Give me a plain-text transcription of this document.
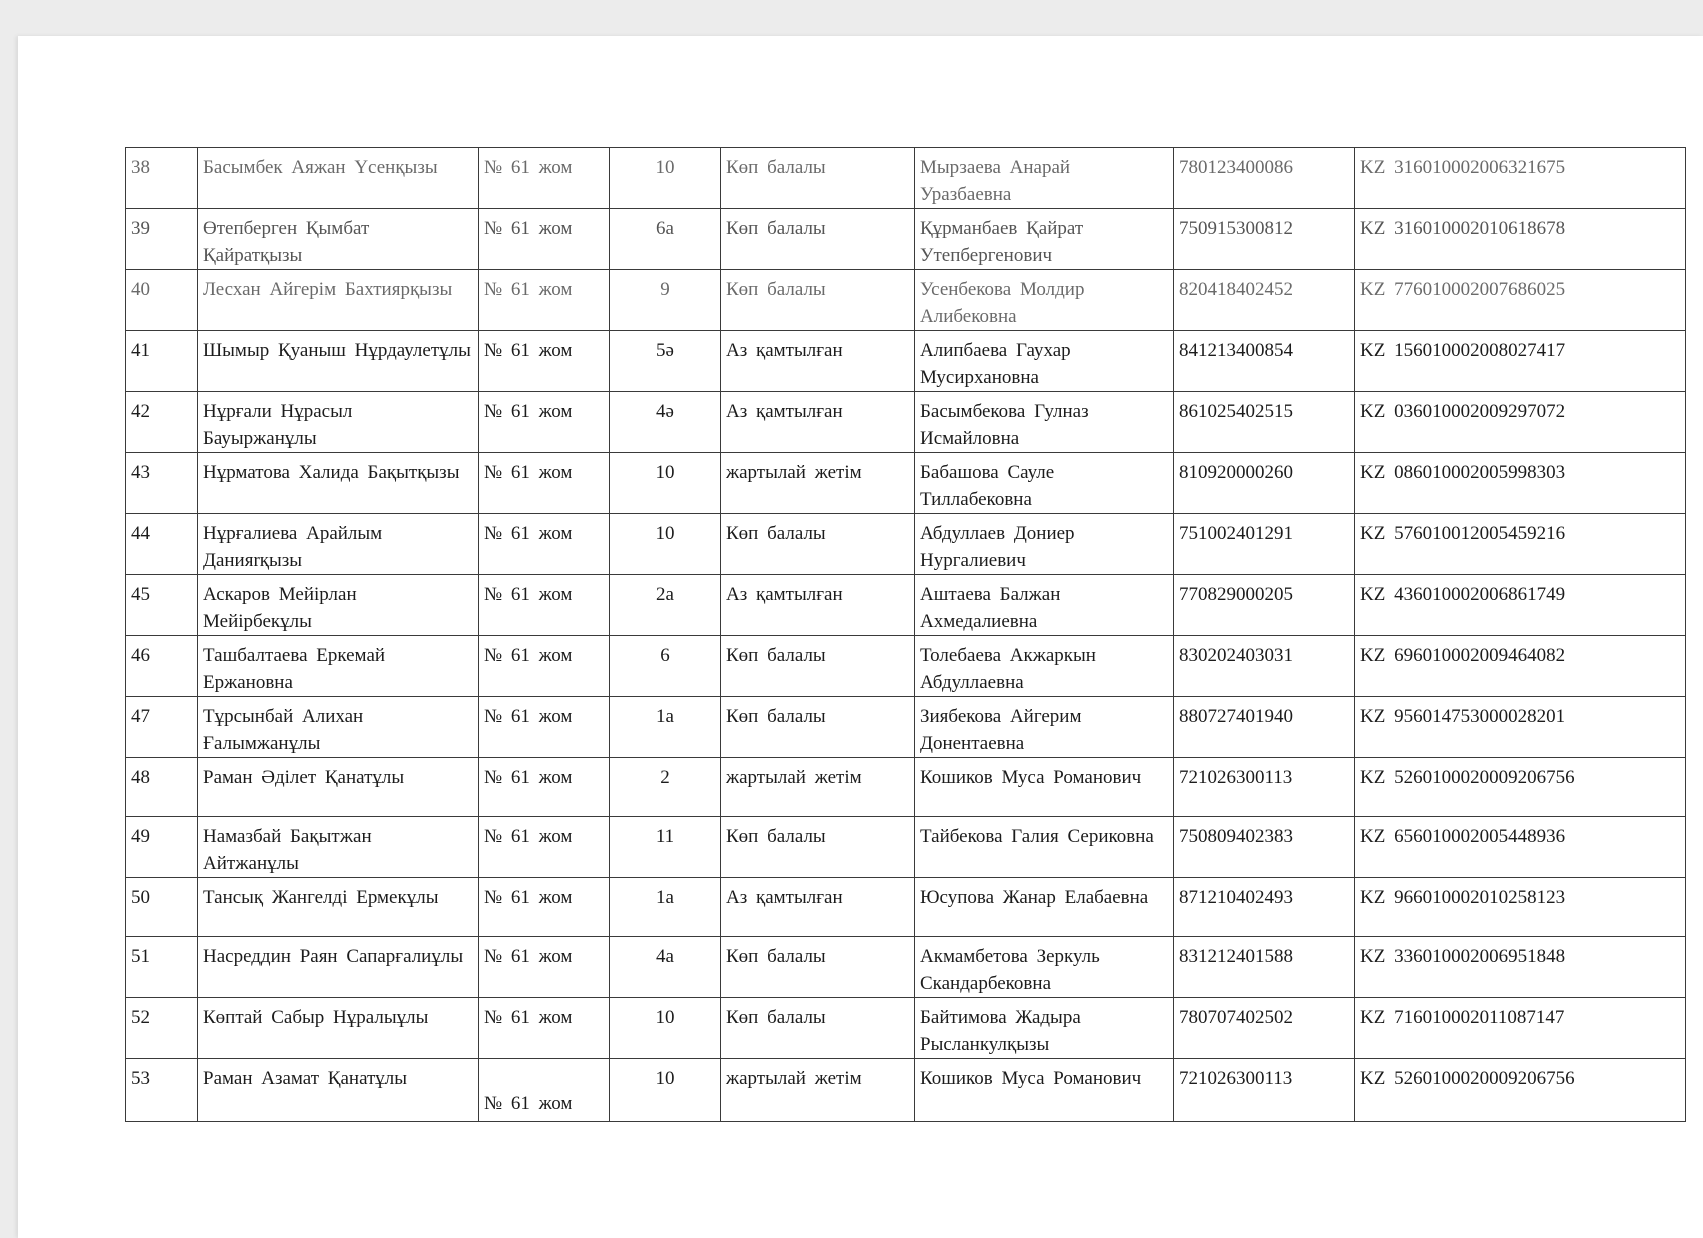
38	Басымбек Аяжан Үсенқызы	№ 61 жом	10	Көп балалы	Мырзаева Анарай Уразбаевна	780123400086	KZ 316010002006321675
39	Өтепберген Қымбат Қайратқызы	№ 61 жом	6а	Көп балалы	Құрманбаев Қайрат Утепбергенович	750915300812	KZ 316010002010618678
40	Лесхан Айгерім Бахтиярқызы	№ 61 жом	9	Көп балалы	Усенбекова Молдир Алибековна	820418402452	KZ 776010002007686025
41	Шымыр Қуаныш Нұрдаулетұлы	№ 61 жом	5ә	Аз қамтылған	Алипбаева Гаухар Мусирхановна	841213400854	KZ 156010002008027417
42	Нұрғали Нұрасыл Бауыржанұлы	№ 61 жом	4ә	Аз қамтылған	Басымбекова Гулназ Исмайловна	861025402515	KZ 036010002009297072
43	Нұрматова Халида Бақытқызы	№ 61 жом	10	жартылай жетім	Бабашова Сауле Тиллабековна	810920000260	KZ 086010002005998303
44	Нұрғалиева Арайлым Данияrқызы	№ 61 жом	10	Көп балалы	Абдуллаев Дониер Нургалиевич	751002401291	KZ 576010012005459216
45	Аскаров Мейірлан Мейірбекұлы	№ 61 жом	2а	Аз қамтылған	Аштаева Балжан Ахмедалиевна	770829000205	KZ 436010002006861749
46	Ташбалтаева Еркемай Ержановна	№ 61 жом	6	Көп балалы	Толебаева Акжаркын Абдуллаевна	830202403031	KZ 696010002009464082
47	Тұрсынбай Алихан Ғалымжанұлы	№ 61 жом	1а	Көп балалы	Зиябекова Айгерим Донентаевна	880727401940	KZ 956014753000028201
48	Раман Әділет Қанатұлы	№ 61 жом	2	жартылай жетім	Кошиков Муса Романович	721026300113	KZ 5260100020009206756
49	Намазбай Бақытжан Айтжанұлы	№ 61 жом	11	Көп балалы	Тайбекова Галия Сериковна	750809402383	KZ 656010002005448936
50	Тансық Жангелді Ермекұлы	№ 61 жом	1а	Аз қамтылған	Юсупова Жанар Елабаевна	871210402493	KZ 966010002010258123
51	Насреддин Раян Сапарғалиұлы	№ 61 жом	4а	Көп балалы	Акмамбетова Зеркуль Скандарбековна	831212401588	KZ 336010002006951848
52	Көптай Сабыр Нұралыұлы	№ 61 жом	10	Көп балалы	Байтимова Жадыра Рысланкулқызы	780707402502	KZ 716010002011087147
53	Раман Азамат Қанатұлы	№ 61 жом	10	жартылай жетім	Кошиков Муса Романович	721026300113	KZ 5260100020009206756
